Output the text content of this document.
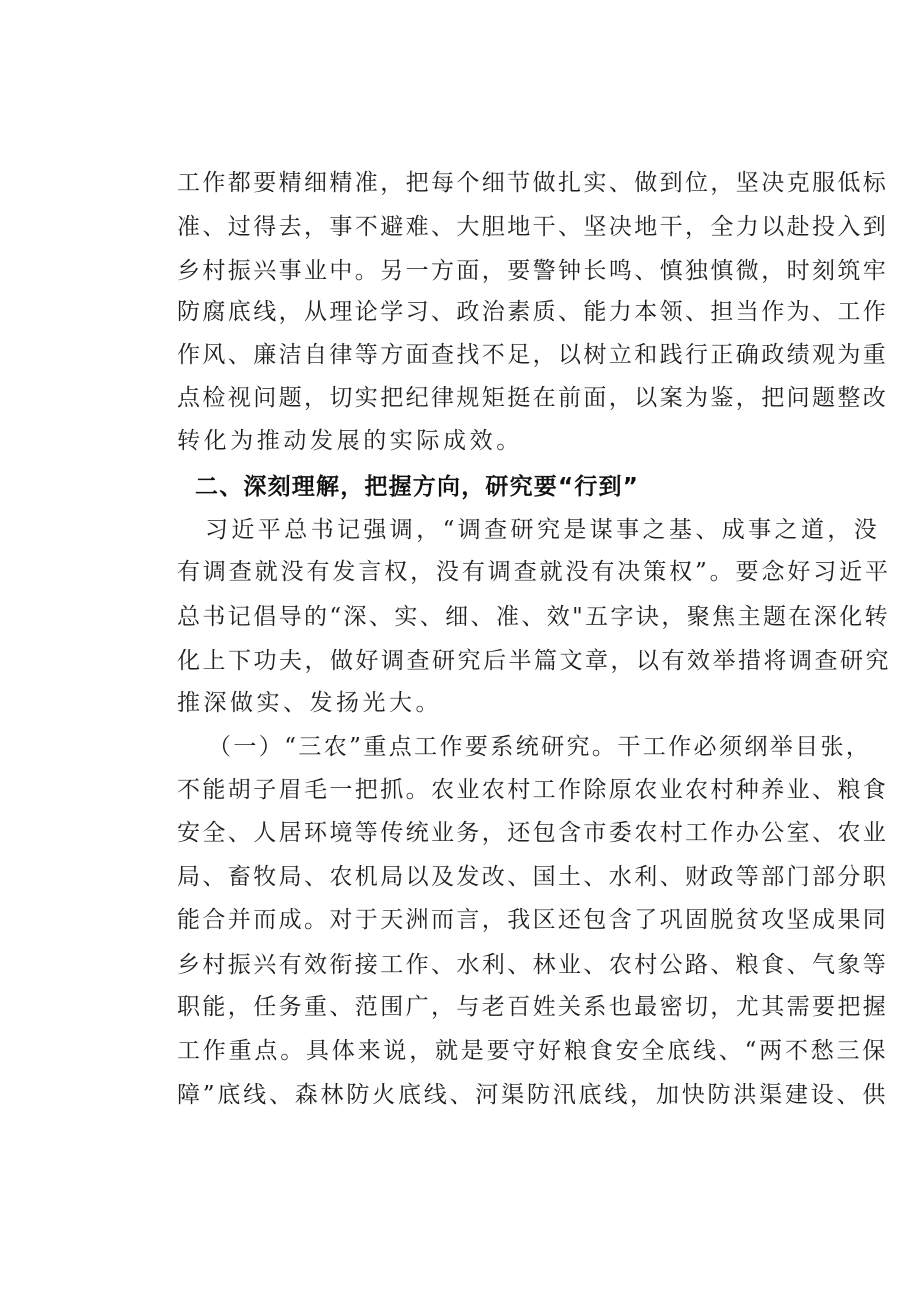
工作都要精细精准，把每个细节做扎实、做到位，坚决克服低标
准、过得去，事不避难、大胆地干、坚决地干，全力以赴投入到
乡村振兴事业中。另一方面，要警钟长鸣、慎独慎微，时刻筑牢
防腐底线，从理论学习、政治素质、能力本领、担当作为、工作
作风、廉洁自律等方面查找不足，以树立和践行正确政绩观为重
点检视问题，切实把纪律规矩挺在前面，以案为鉴，把问题整改
转化为推动发展的实际成效。
二、深刻理解，把握方向，研究要“行到”
习近平总书记强调，“调查研究是谋事之基、成事之道，没
有调查就没有发言权，没有调查就没有决策权”。要念好习近平
总书记倡导的“深、实、细、准、效"五字诀，聚焦主题在深化转
化上下功夫，做好调查研究后半篇文章，以有效举措将调查研究
推深做实、发扬光大。
（一）“三农”重点工作要系统研究。干工作必须纲举目张，
不能胡子眉毛一把抓。农业农村工作除原农业农村种养业、粮食
安全、人居环境等传统业务，还包含市委农村工作办公室、农业
局、畜牧局、农机局以及发改、国土、水利、财政等部门部分职
能合并而成。对于天洲而言，我区还包含了巩固脱贫攻坚成果同
乡村振兴有效衔接工作、水利、林业、农村公路、粮食、气象等
职能，任务重、范围广，与老百姓关系也最密切，尤其需要把握
工作重点。具体来说，就是要守好粮食安全底线、“两不愁三保
障”底线、森林防火底线、河渠防汛底线，加快防洪渠建设、供
